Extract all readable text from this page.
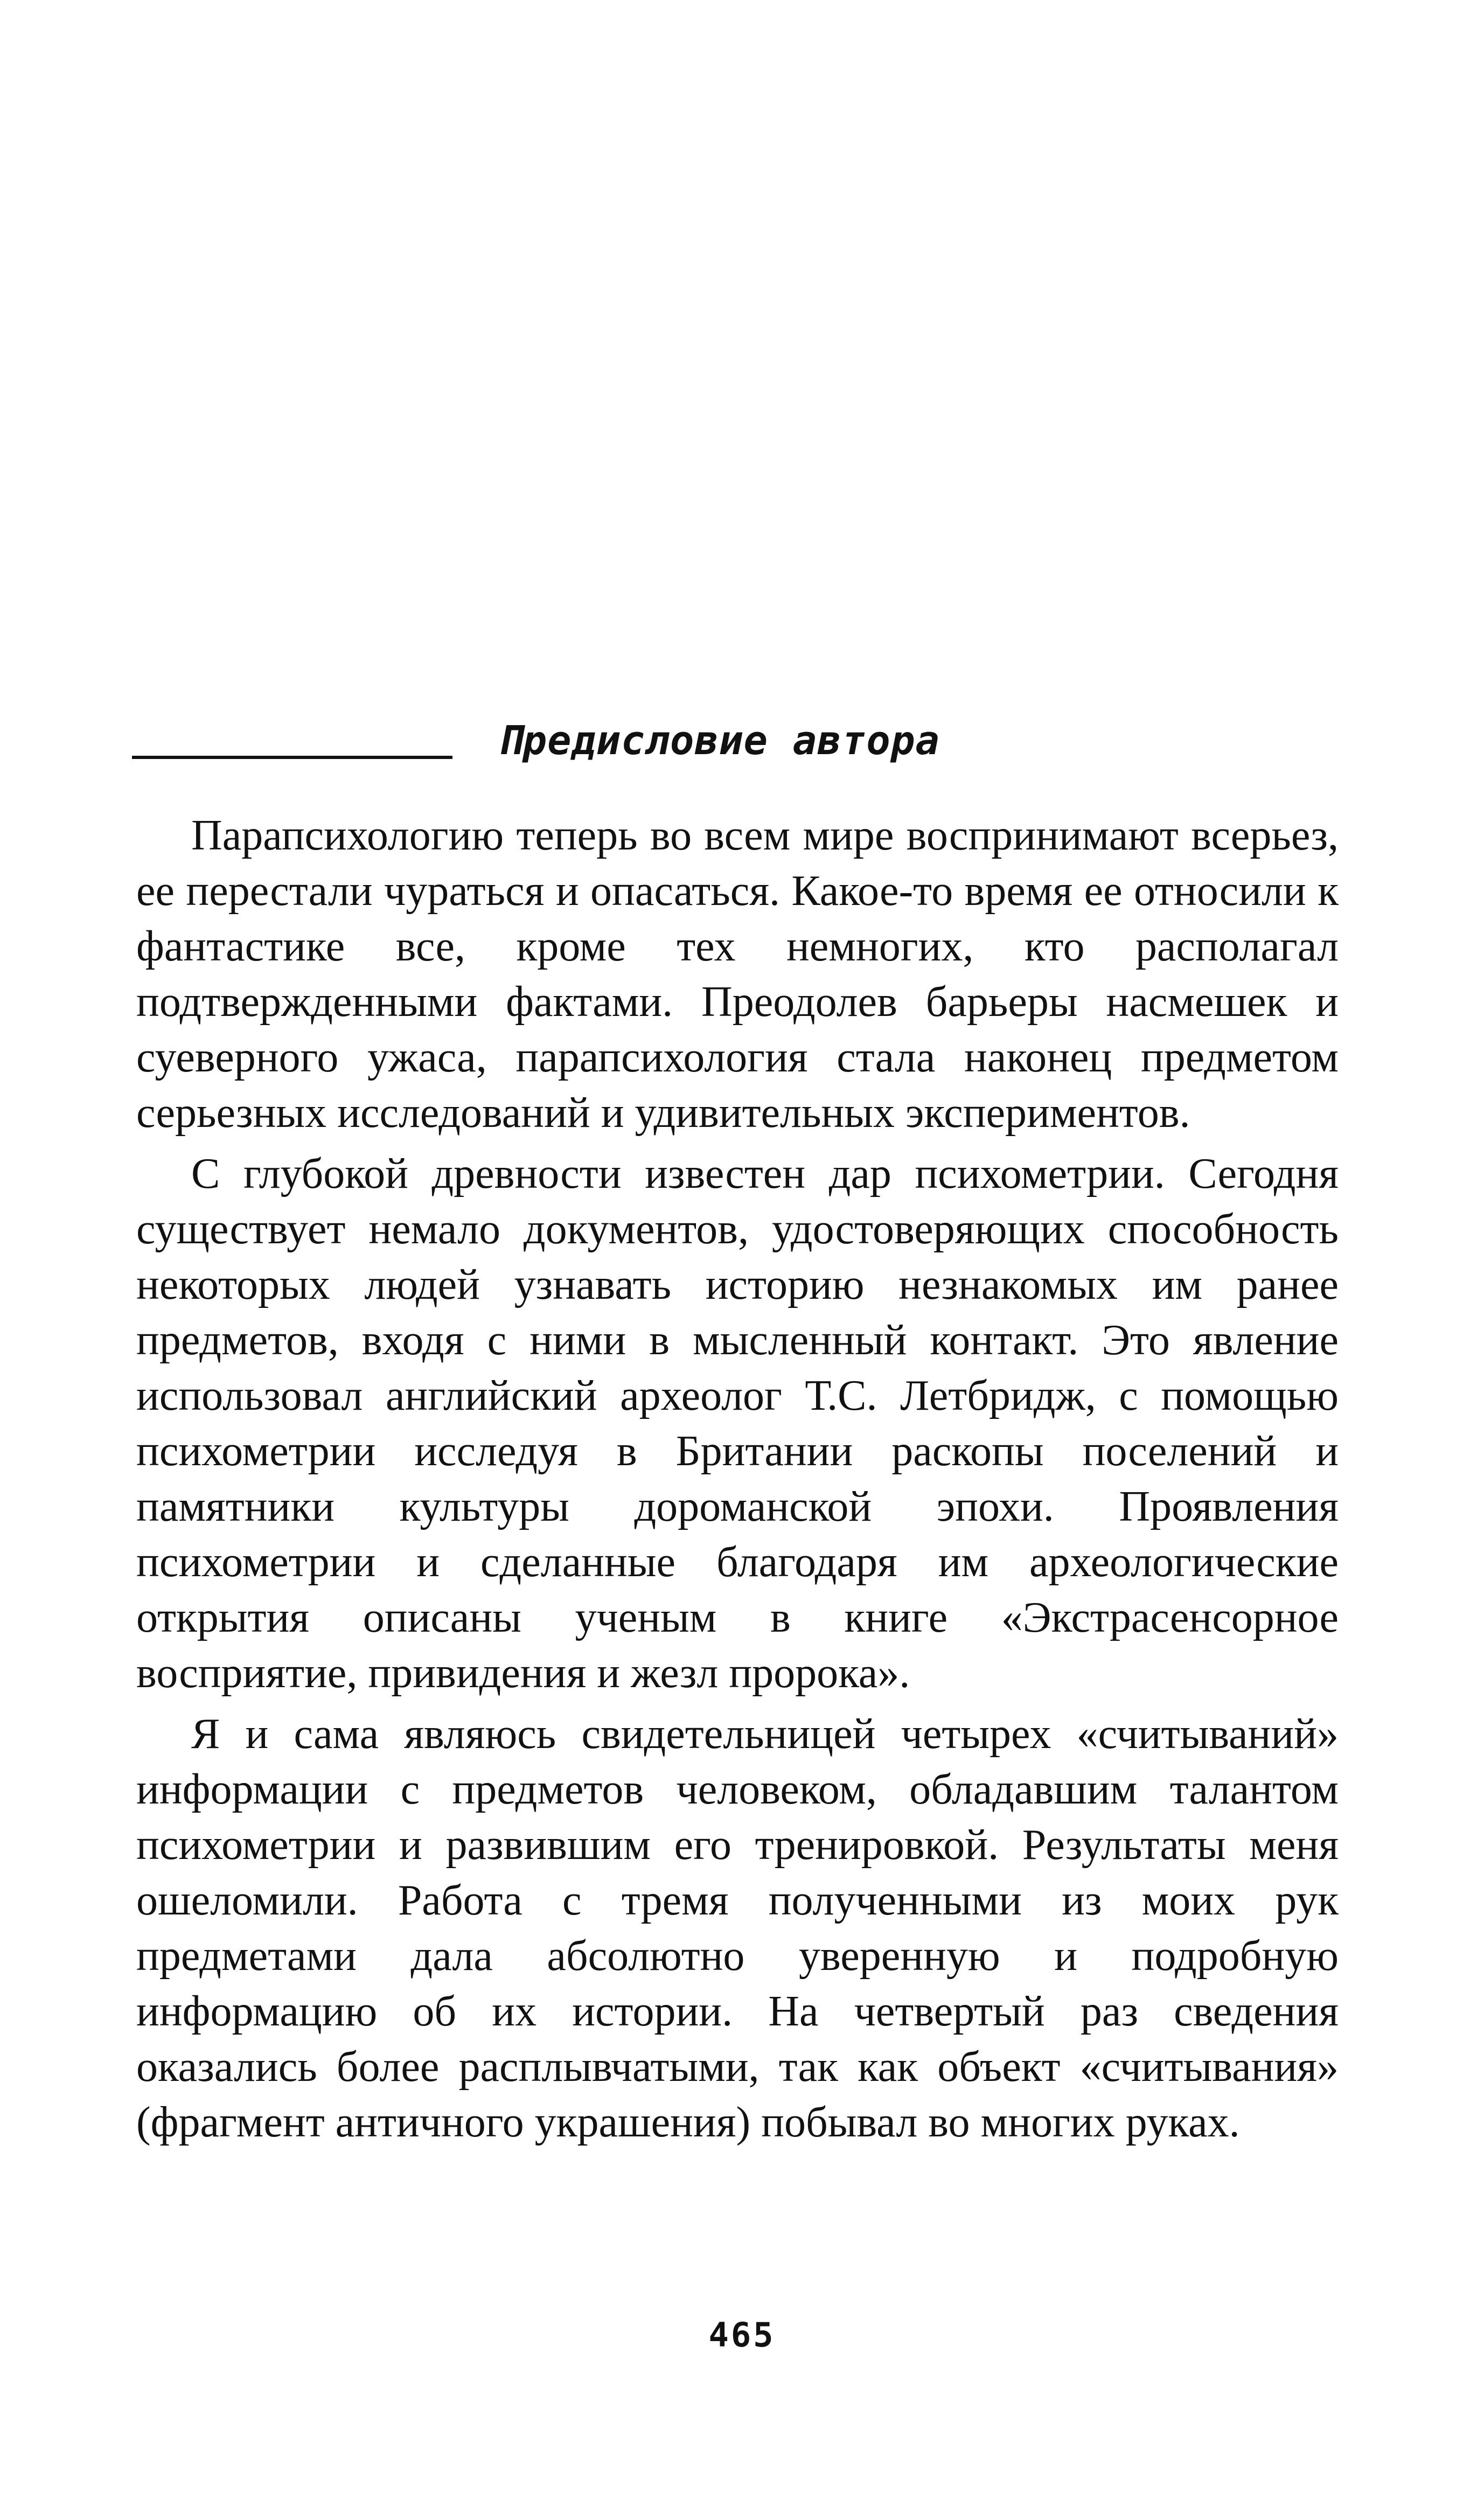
Предисловие автора

Парапсихологию теперь во всем мире воспринимают всерьез, ее перестали чураться и опасаться. Какое-то время ее относили к фантастике все, кроме тех немногих, кто располагал подтвержденными фактами. Преодолев барьеры насмешек и суеверного ужаса, парапсихология стала наконец предметом серьезных исследований и удивительных экспериментов.

С глубокой древности известен дар психометрии. Сегодня существует немало документов, удостоверяющих способность некоторых людей узнавать историю незнакомых им ранее предметов, входя с ними в мысленный контакт. Это явление использовал английский археолог Т.С. Летбридж, с помощью психометрии исследуя в Британии раскопы поселений и памятники культуры дороманской эпохи. Проявления психометрии и сделанные благодаря им археологические открытия описаны ученым в книге «Экстрасенсорное восприятие, привидения и жезл пророка».

Я и сама являюсь свидетельницей четырех «считываний» информации с предметов человеком, обладавшим талантом психометрии и развившим его тренировкой. Результаты меня ошеломили. Работа с тремя полученными из моих рук предметами дала абсолютно уверенную и подробную информацию об их истории. На четвертый раз сведения оказались более расплывчатыми, так как объект «считывания» (фрагмент античного украшения) побывал во многих руках.

465
